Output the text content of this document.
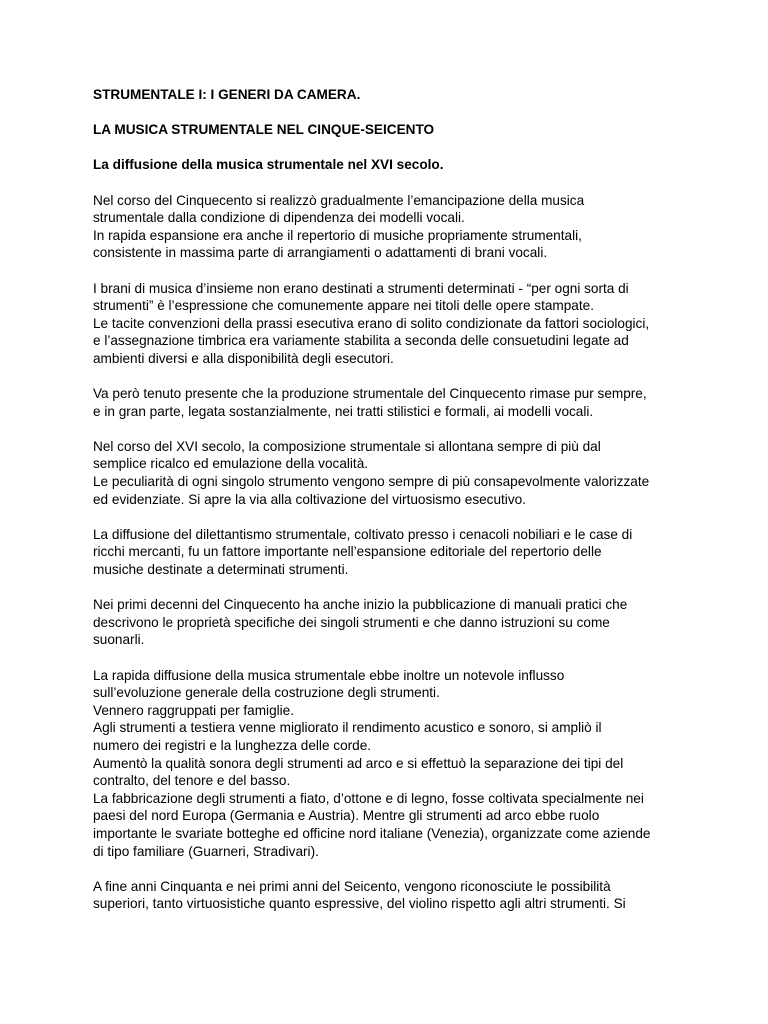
STRUMENTALE I: I GENERI DA CAMERA.
LA MUSICA STRUMENTALE NEL CINQUE-SEICENTO
La diffusione della musica strumentale nel XVI secolo.
Nel corso del Cinquecento si realizzò gradualmente l’emancipazione della musica
strumentale dalla condizione di dipendenza dei modelli vocali.
In rapida espansione era anche il repertorio di musiche propriamente strumentali,
consistente in massima parte di arrangiamenti o adattamenti di brani vocali.
I brani di musica d’insieme non erano destinati a strumenti determinati - “per ogni sorta di
strumenti” è l’espressione che comunemente appare nei titoli delle opere stampate.
Le tacite convenzioni della prassi esecutiva erano di solito condizionate da fattori sociologici,
e l’assegnazione timbrica era variamente stabilita a seconda delle consuetudini legate ad
ambienti diversi e alla disponibilità degli esecutori.
Va però tenuto presente che la produzione strumentale del Cinquecento rimase pur sempre,
e in gran parte, legata sostanzialmente, nei tratti stilistici e formali, ai modelli vocali.
Nel corso del XVI secolo, la composizione strumentale si allontana sempre di più dal
semplice ricalco ed emulazione della vocalità.
Le peculiarità di ogni singolo strumento vengono sempre di più consapevolmente valorizzate
ed evidenziate. Si apre la via alla coltivazione del virtuosismo esecutivo.
La diffusione del dilettantismo strumentale, coltivato presso i cenacoli nobiliari e le case di
ricchi mercanti, fu un fattore importante nell’espansione editoriale del repertorio delle
musiche destinate a determinati strumenti.
Nei primi decenni del Cinquecento ha anche inizio la pubblicazione di manuali pratici che
descrivono le proprietà specifiche dei singoli strumenti e che danno istruzioni su come
suonarli.
La rapida diffusione della musica strumentale ebbe inoltre un notevole influsso
sull’evoluzione generale della costruzione degli strumenti.
Vennero raggruppati per famiglie.
Agli strumenti a testiera venne migliorato il rendimento acustico e sonoro, si ampliò il
numero dei registri e la lunghezza delle corde.
Aumentò la qualità sonora degli strumenti ad arco e si effettuò la separazione dei tipi del
contralto, del tenore e del basso.
La fabbricazione degli strumenti a fiato, d’ottone e di legno, fosse coltivata specialmente nei
paesi del nord Europa (Germania e Austria). Mentre gli strumenti ad arco ebbe ruolo
importante le svariate botteghe ed officine nord italiane (Venezia), organizzate come aziende
di tipo familiare (Guarneri, Stradivari).
A fine anni Cinquanta e nei primi anni del Seicento, vengono riconosciute le possibilità
superiori, tanto virtuosistiche quanto espressive, del violino rispetto agli altri strumenti. Si
